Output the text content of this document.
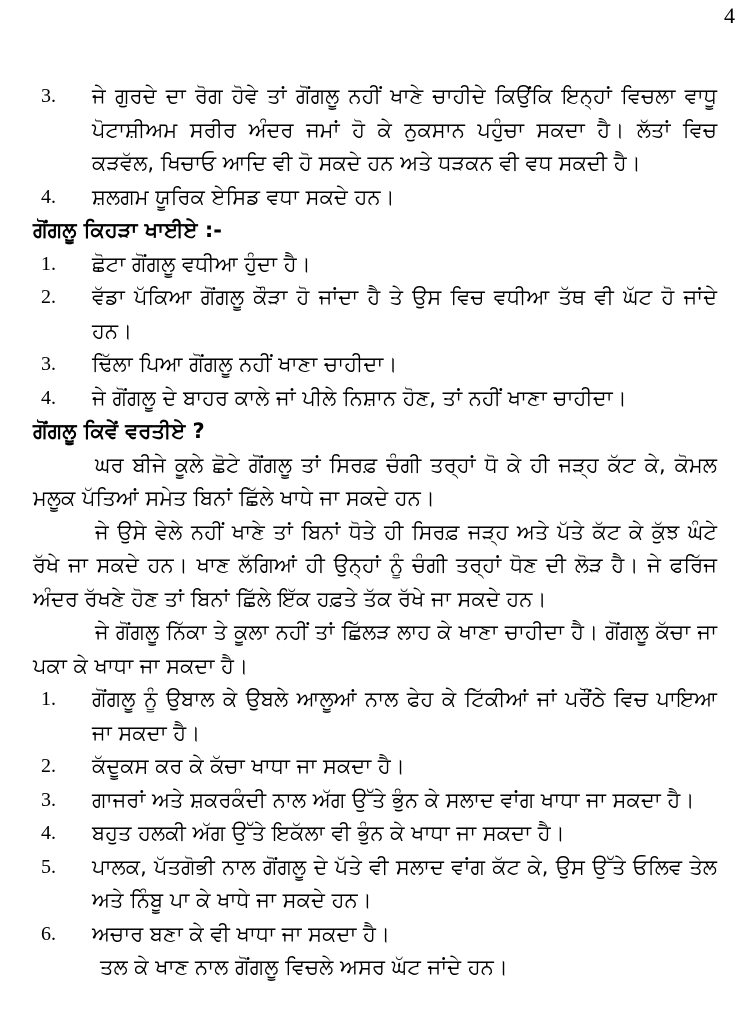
4
3.	ਜੇ ਗੁਰਦੇ ਦਾ ਰੋਗ ਹੋਵੇ ਤਾਂ ਗੋਂਗਲੂ ਨਹੀਂ ਖਾਣੇ ਚਾਹੀਦੇ ਕਿਉਂਕਿ ਇਨ੍ਹਾਂ ਵਿਚਲਾ ਵਾਧੂ ਪੋਟਾਸ਼ੀਅਮ ਸਰੀਰ ਅੰਦਰ ਜਮਾਂ ਹੋ ਕੇ ਨੁਕਸਾਨ ਪਹੁੰਚਾ ਸਕਦਾ ਹੈ। ਲੱਤਾਂ ਵਿਚ ਕੜਵੱਲ, ਖਿਚਾਓ ਆਦਿ ਵੀ ਹੋ ਸਕਦੇ ਹਨ ਅਤੇ ਧੜਕਨ ਵੀ ਵਧ ਸਕਦੀ ਹੈ।
4.	ਸ਼ਲਗਮ ਯੂਰਿਕ ਏਸਿਡ ਵਧਾ ਸਕਦੇ ਹਨ।
ਗੋਂਗਲੂ ਕਿਹੜਾ ਖਾਈਏ :-
1.	ਛੋਟਾ ਗੋਂਗਲੂ ਵਧੀਆ ਹੁੰਦਾ ਹੈ।
2.	ਵੱਡਾ ਪੱਕਿਆ ਗੋਂਗਲੂ ਕੌੜਾ ਹੋ ਜਾਂਦਾ ਹੈ ਤੇ ਉਸ ਵਿਚ ਵਧੀਆ ਤੱਥ ਵੀ ਘੱਟ ਹੋ ਜਾਂਦੇ ਹਨ।
3.	ਢਿੱਲਾ ਪਿਆ ਗੋਂਗਲੂ ਨਹੀਂ ਖਾਣਾ ਚਾਹੀਦਾ।
4.	ਜੇ ਗੋਂਗਲੂ ਦੇ ਬਾਹਰ ਕਾਲੇ ਜਾਂ ਪੀਲੇ ਨਿਸ਼ਾਨ ਹੋਣ, ਤਾਂ ਨਹੀਂ ਖਾਣਾ ਚਾਹੀਦਾ।
ਗੋਂਗਲੂ ਕਿਵੇਂ ਵਰਤੀਏ ?
ਘਰ ਬੀਜੇ ਕੂਲੇ ਛੋਟੇ ਗੋਂਗਲੂ ਤਾਂ ਸਿਰਫ਼ ਚੰਗੀ ਤਰ੍ਹਾਂ ਧੋ ਕੇ ਹੀ ਜੜ੍ਹ ਕੱਟ ਕੇ, ਕੋਮਲ ਮਲੂਕ ਪੱਤਿਆਂ ਸਮੇਤ ਬਿਨਾਂ ਛਿੱਲੇ ਖਾਧੇ ਜਾ ਸਕਦੇ ਹਨ।
ਜੇ ਉਸੇ ਵੇਲੇ ਨਹੀਂ ਖਾਣੇ ਤਾਂ ਬਿਨਾਂ ਧੋਤੇ ਹੀ ਸਿਰਫ਼ ਜੜ੍ਹ ਅਤੇ ਪੱਤੇ ਕੱਟ ਕੇ ਕੁੱਝ ਘੰਟੇ ਰੱਖੇ ਜਾ ਸਕਦੇ ਹਨ। ਖਾਣ ਲੱਗਿਆਂ ਹੀ ਉਨ੍ਹਾਂ ਨੂੰ ਚੰਗੀ ਤਰ੍ਹਾਂ ਧੋਣ ਦੀ ਲੋੜ ਹੈ। ਜੇ ਫਰਿੱਜ ਅੰਦਰ ਰੱਖਣੇ ਹੋਣ ਤਾਂ ਬਿਨਾਂ ਛਿੱਲੇ ਇੱਕ ਹਫ਼ਤੇ ਤੱਕ ਰੱਖੇ ਜਾ ਸਕਦੇ ਹਨ।
ਜੇ ਗੋਂਗਲੂ ਨਿੱਕਾ ਤੇ ਕੂਲਾ ਨਹੀਂ ਤਾਂ ਛਿੱਲੜ ਲਾਹ ਕੇ ਖਾਣਾ ਚਾਹੀਦਾ ਹੈ। ਗੋਂਗਲੂ ਕੱਚਾ ਜਾ ਪਕਾ ਕੇ ਖਾਧਾ ਜਾ ਸਕਦਾ ਹੈ।
1.	ਗੋਂਗਲੂ ਨੂੰ ਉਬਾਲ ਕੇ ਉਬਲੇ ਆਲੂਆਂ ਨਾਲ ਫੇਹ ਕੇ ਟਿੱਕੀਆਂ ਜਾਂ ਪਰੌਂਠੇ ਵਿਚ ਪਾਇਆ ਜਾ ਸਕਦਾ ਹੈ।
2.	ਕੱਦੂਕਸ ਕਰ ਕੇ ਕੱਚਾ ਖਾਧਾ ਜਾ ਸਕਦਾ ਹੈ।
3.	ਗਾਜਰਾਂ ਅਤੇ ਸ਼ਕਰਕੰਦੀ ਨਾਲ ਅੱਗ ਉੱਤੇ ਭੁੰਨ ਕੇ ਸਲਾਦ ਵਾਂਗ ਖਾਧਾ ਜਾ ਸਕਦਾ ਹੈ।
4.	ਬਹੁਤ ਹਲਕੀ ਅੱਗ ਉੱਤੇ ਇਕੱਲਾ ਵੀ ਭੁੰਨ ਕੇ ਖਾਧਾ ਜਾ ਸਕਦਾ ਹੈ।
5.	ਪਾਲਕ, ਪੱਤਗੋਭੀ ਨਾਲ ਗੋਂਗਲੂ ਦੇ ਪੱਤੇ ਵੀ ਸਲਾਦ ਵਾਂਗ ਕੱਟ ਕੇ, ਉਸ ਉੱਤੇ ਓਲਿਵ ਤੇਲ ਅਤੇ ਨਿੰਬੂ ਪਾ ਕੇ ਖਾਧੇ ਜਾ ਸਕਦੇ ਹਨ।
6.	ਅਚਾਰ ਬਣਾ ਕੇ ਵੀ ਖਾਧਾ ਜਾ ਸਕਦਾ ਹੈ।
ਤਲ ਕੇ ਖਾਣ ਨਾਲ ਗੋਂਗਲੂ ਵਿਚਲੇ ਅਸਰ ਘੱਟ ਜਾਂਦੇ ਹਨ।
